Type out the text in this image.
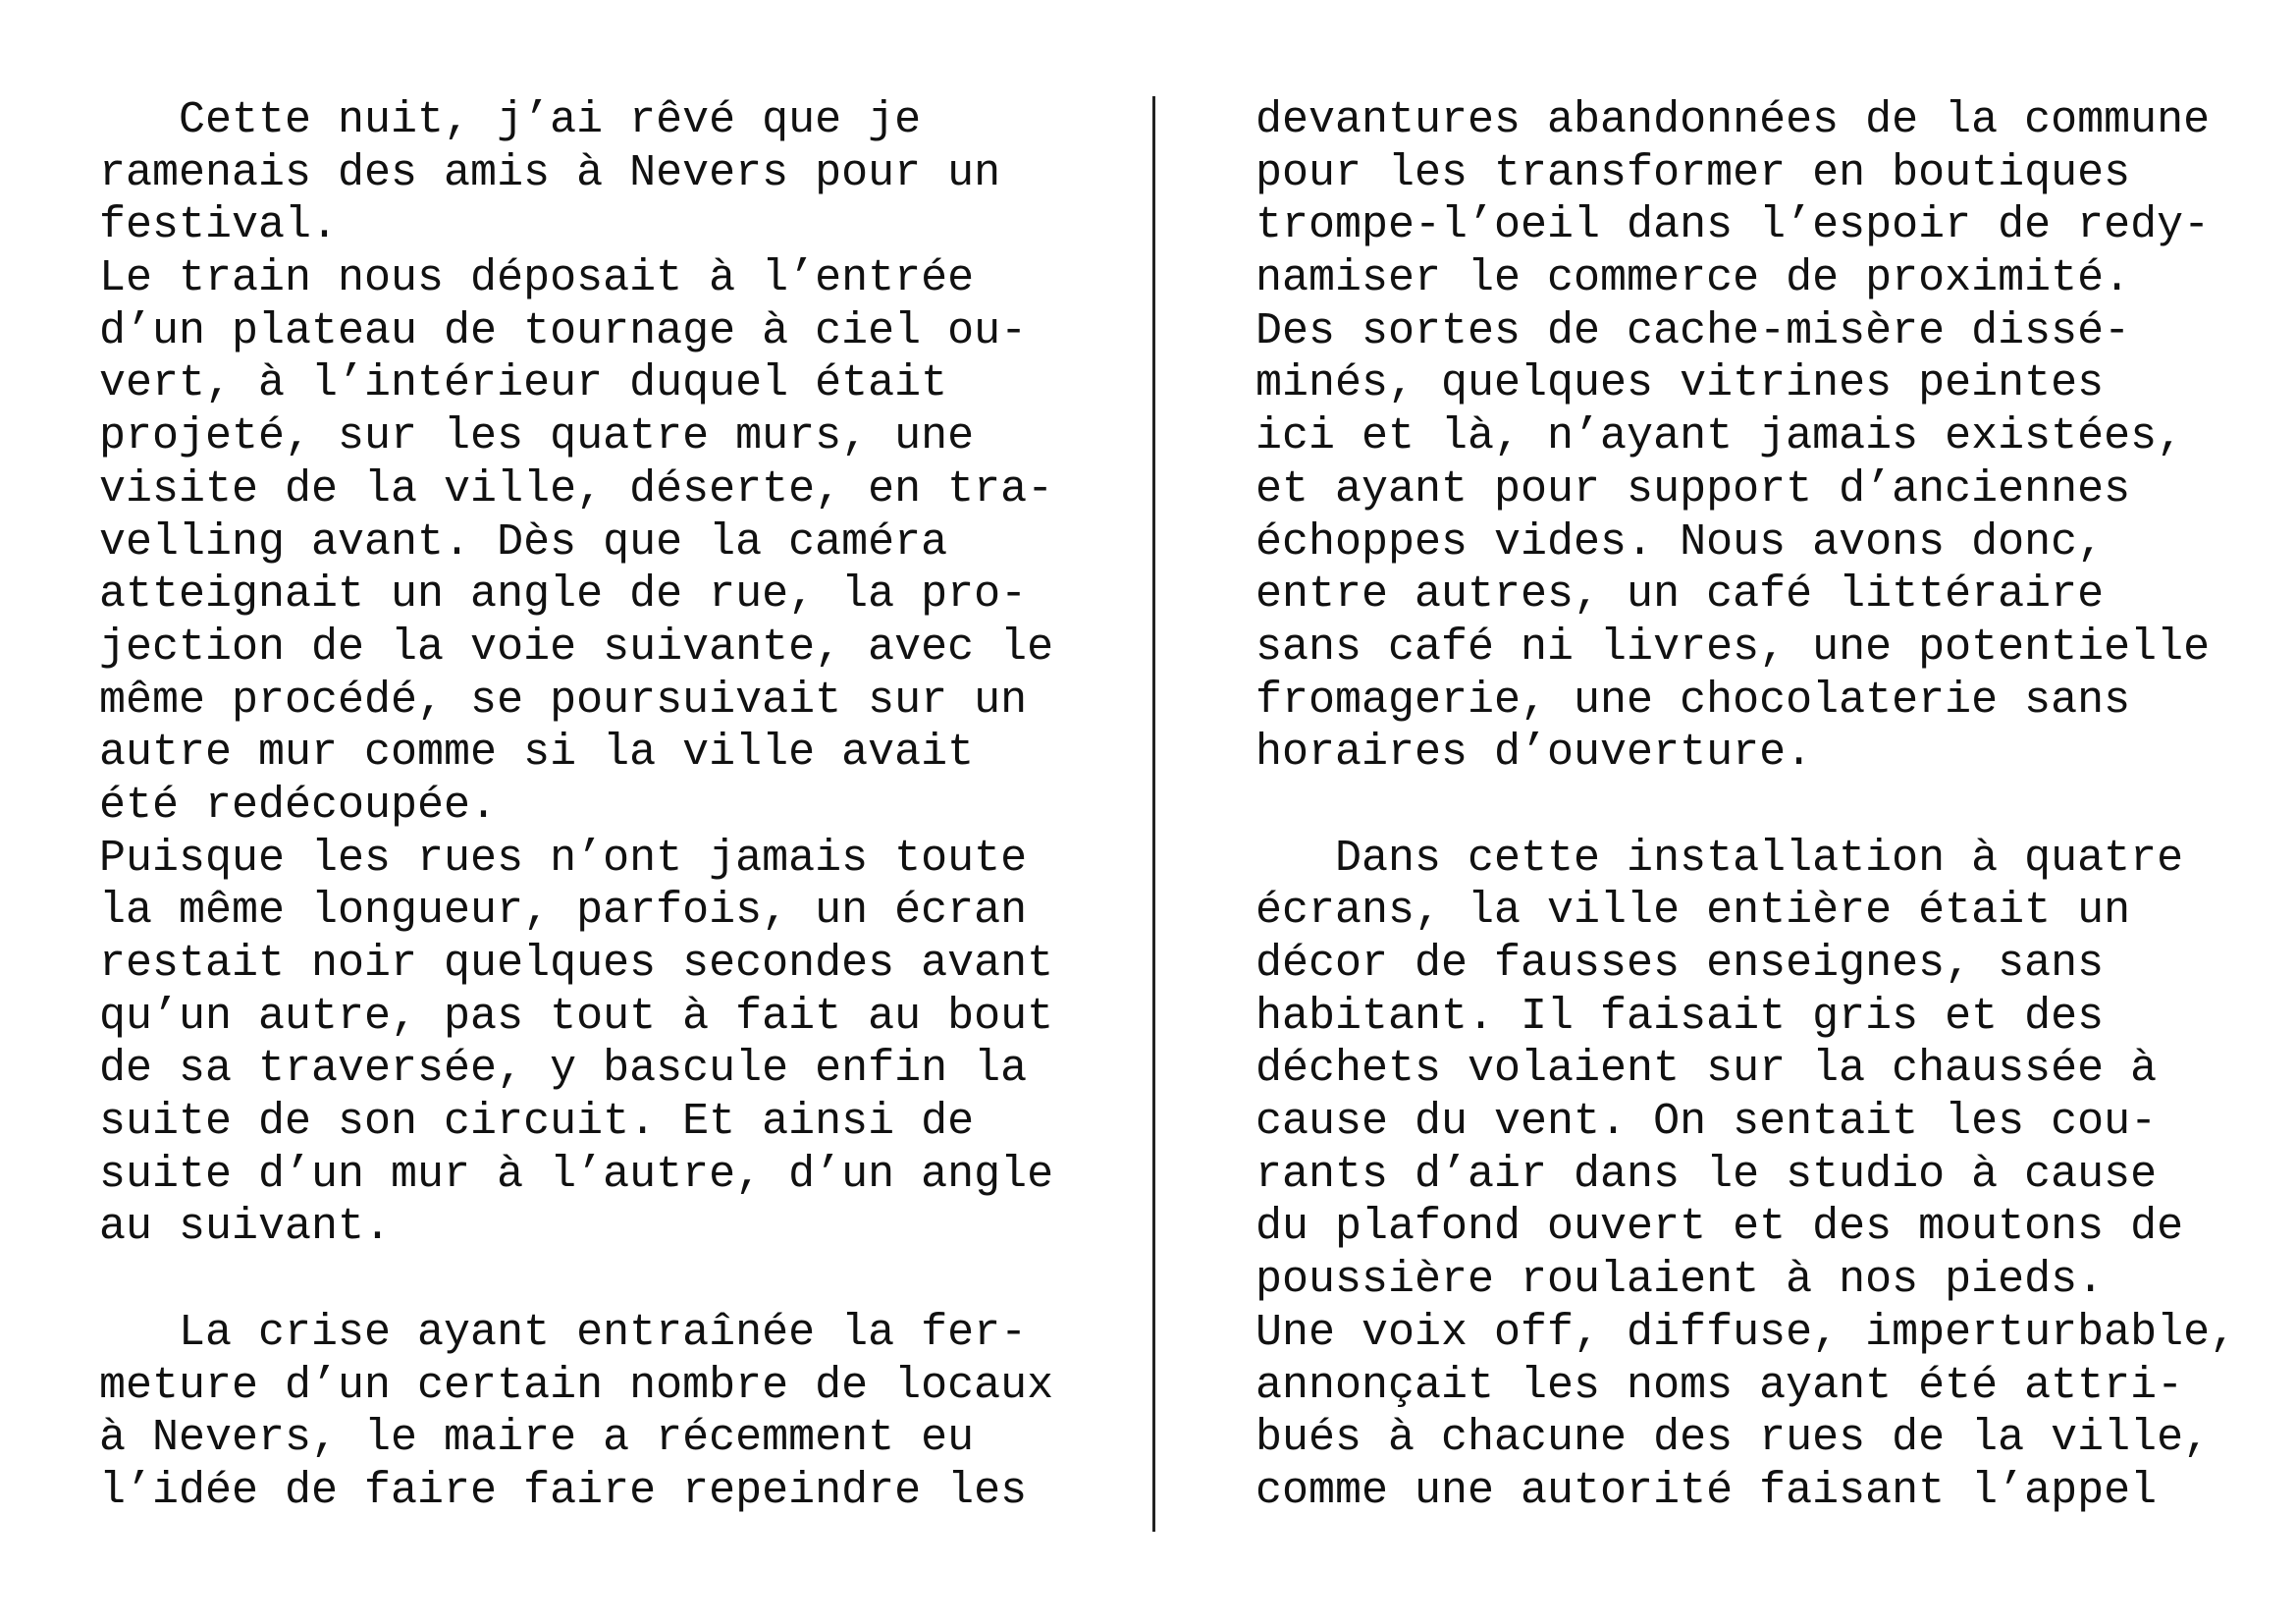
Cette nuit, j’ai rêvé que je
ramenais des amis à Nevers pour un
festival.
Le train nous déposait à l’entrée
d’un plateau de tournage à ciel ou-
vert, à l’intérieur duquel était
projeté, sur les quatre murs, une
visite de la ville, déserte, en tra-
velling avant. Dès que la caméra
atteignait un angle de rue, la pro-
jection de la voie suivante, avec le
même procédé, se poursuivait sur un
autre mur comme si la ville avait
été redécoupée.
Puisque les rues n’ont jamais toute
la même longueur, parfois, un écran
restait noir quelques secondes avant
qu’un autre, pas tout à fait au bout
de sa traversée, y bascule enfin la
suite de son circuit. Et ainsi de
suite d’un mur à l’autre, d’un angle
au suivant.
La crise ayant entraînée la fer-
meture d’un certain nombre de locaux
à Nevers, le maire a récemment eu
l’idée de faire faire repeindre les
devantures abandonnées de la commune
pour les transformer en boutiques
trompe-l’oeil dans l’espoir de redy-
namiser le commerce de proximité.
Des sortes de cache-misère dissé-
minés, quelques vitrines peintes
ici et là, n’ayant jamais existées,
et ayant pour support d’anciennes
échoppes vides. Nous avons donc,
entre autres, un café littéraire
sans café ni livres, une potentielle
fromagerie, une chocolaterie sans
horaires d’ouverture.
Dans cette installation à quatre
écrans, la ville entière était un
décor de fausses enseignes, sans
habitant. Il faisait gris et des
déchets volaient sur la chaussée à
cause du vent. On sentait les cou-
rants d’air dans le studio à cause
du plafond ouvert et des moutons de
poussière roulaient à nos pieds.
Une voix off, diffuse, imperturbable,
annonçait les noms ayant été attri-
bués à chacune des rues de la ville,
comme une autorité faisant l’appel
